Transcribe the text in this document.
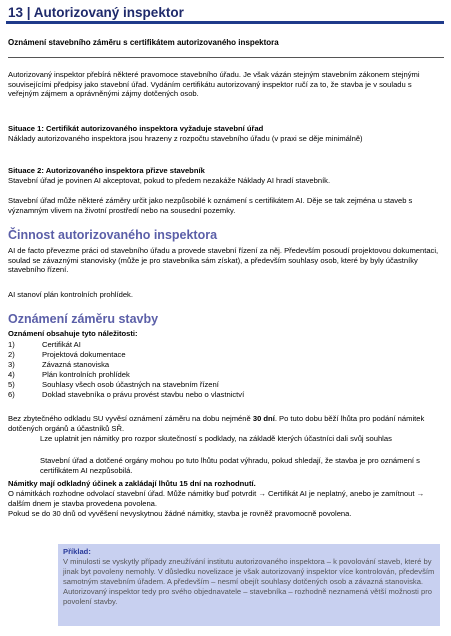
13 | Autorizovaný inspektor
Oznámení stavebního záměru s certifikátem autorizovaného inspektora
Autorizovaný inspektor přebírá některé pravomoce stavebního úřadu. Je však vázán stejným stavebním zákonem stejnými souvisejícími předpisy jako stavební úřad. Vydáním certifikátu autorizovaný inspektor ručí za to, že stavba je v souladu s veřejným zájmem a oprávněnými zájmy dotčených osob.
Situace 1: Certifikát autorizovaného inspektora vyžaduje stavební úřad
Náklady autorizovaného inspektora jsou hrazeny z rozpočtu stavebního úřadu (v praxi se děje minimálně)
Situace 2: Autorizovaného inspektora přizve stavebník
Stavební úřad je povinen AI akceptovat, pokud to předem nezakáže Náklady AI hradí stavebník.
Stavební úřad může některé záměry určit jako nezpůsobilé k oznámení s certifikátem AI. Děje se tak zejména u staveb s významným vlivem na životní prostředí nebo na sousední pozemky.
Činnost autorizovaného inspektora
AI de facto převezme práci od stavebního úřadu a provede stavební řízení za něj. Především posoudí projektovou dokumentaci, soulad se závaznými stanovisky (může je pro stavebníka sám získat), a především souhlasy osob, které by byly účastníky stavebního řízení.
AI stanoví plán kontrolních prohlídek.
Oznámení záměru stavby
Oznámení obsahuje tyto náležitosti:
1)	Certifikát AI
2)	Projektová dokumentace
3)	Závazná stanoviska
4)	Plán kontrolních prohlídek
5)	Souhlasy všech osob účastných na stavebním řízení
6)	Doklad stavebníka o právu provést stavbu nebo o vlastnictví
Bez zbytečného odkladu SU vyvěsí oznámení záměru na dobu nejméně 30 dní. Po tuto dobu běží lhůta pro podání námitek dotčených orgánů a účastníků SŘ.
Lze uplatnit jen námitky pro rozpor skutečností s podklady, na základě kterých účastníci dali svůj souhlas
Stavební úřad a dotčené orgány mohou po tuto lhůtu podat výhradu, pokud shledají, že stavba je pro oznámení s certifikátem AI nezpůsobilá.
Námitky mají odkladný účinek a zakládají lhůtu 15 dní na rozhodnutí.
O námitkách rozhodne odvolací stavební úřad. Může námitky buď potvrdit → Certifikát AI je neplatný, anebo je zamítnout → dalším dnem je stavba provedena povolena.
Pokud se do 30 dnů od vyvěšení nevyskytnou žádné námitky, stavba je rovněž pravomocně povolena.
Příklad:
V minulosti se vyskytly případy zneužívání institutu autorizovaného inspektora – k povolování staveb, které by jinak byt povoleny nemohly. V důsledku novelizace je však autorizovaný inspektor více kontrolován, především samotným stavebním úřadem. A především – nesmí obejít souhlasy dotčených osob a závazná stanoviska. Autorizovaný inspektor tedy pro svého objednavatele – stavebníka – rozhodně neznamená větší možnosti pro povolení stavby.
